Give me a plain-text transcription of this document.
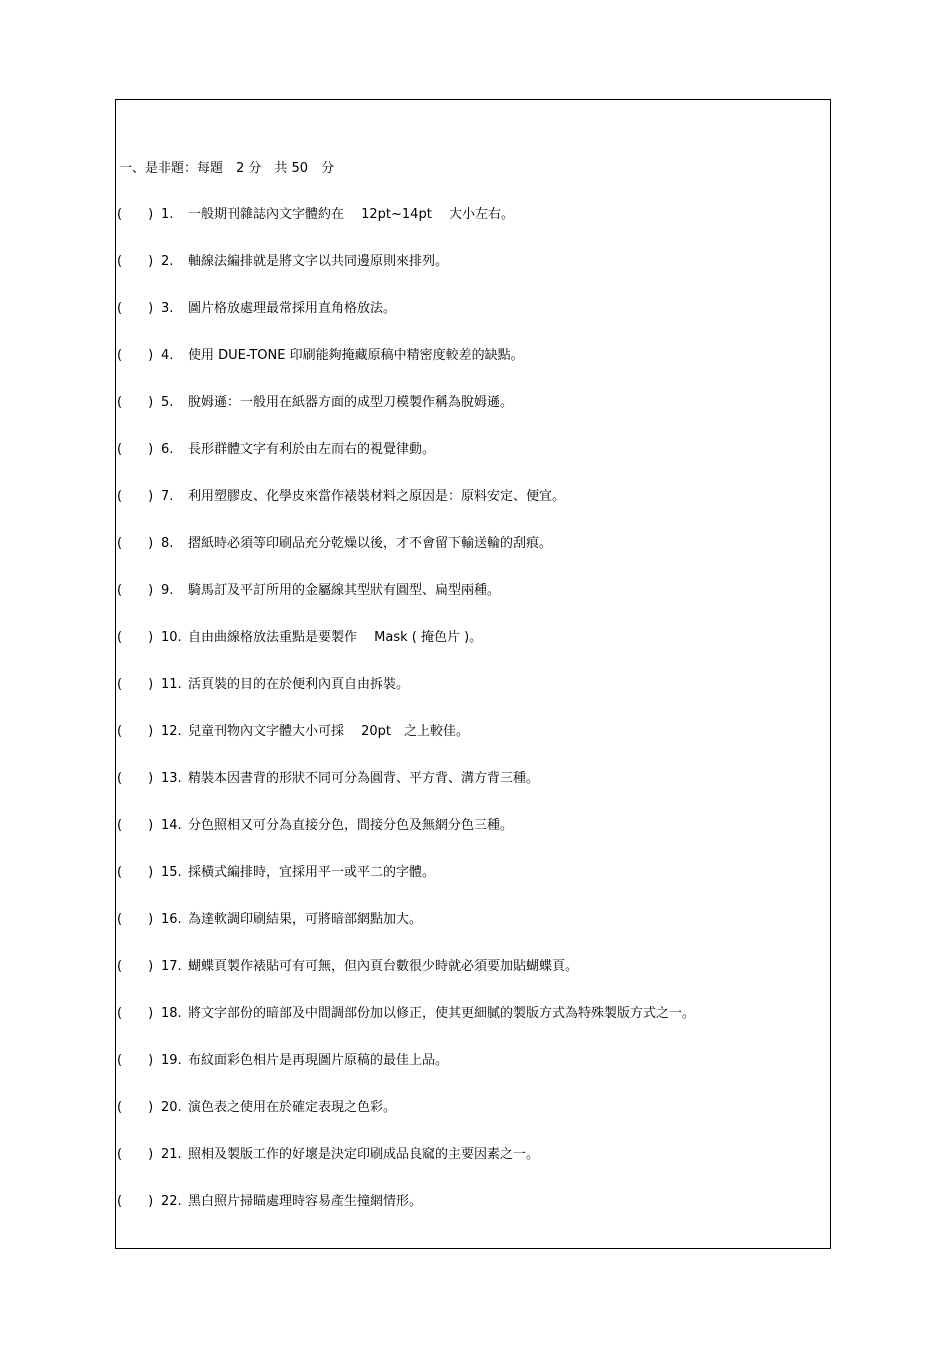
一、是非題：每題　2 分　共 50　分
(　　) 1. 一般期刊雜誌內文字體約在　 12pt~14pt　 大小左右。
(　　) 2. 軸線法編排就是將文字以共同邊原則來排列。
(　　) 3. 圖片格放處理最常採用直角格放法。
(　　) 4. 使用 DUE-TONE 印刷能夠掩藏原稿中精密度較差的缺點。
(　　) 5. 脫姆遜：一般用在紙器方面的成型刀模製作稱為脫姆遜。
(　　) 6. 長形群體文字有利於由左而右的視覺律動。
(　　) 7. 利用塑膠皮、化學皮來當作裱裝材料之原因是：原料安定、便宜。
(　　) 8. 摺紙時必須等印刷品充分乾燥以後，才不會留下輸送輪的刮痕。
(　　) 9. 騎馬訂及平訂所用的金屬線其型狀有圓型、扁型兩種。
(　　) 10. 自由曲線格放法重點是要製作　 Mask ( 掩色片 )。
(　　) 11. 活頁裝的目的在於便利內頁自由拆裝。
(　　) 12. 兒童刊物內文字體大小可採　 20pt　之上較佳。
(　　) 13. 精裝本因書背的形狀不同可分為圓背、平方背、溝方背三種。
(　　) 14. 分色照相又可分為直接分色，間接分色及無網分色三種。
(　　) 15. 採橫式編排時，宜採用平一或平二的字體。
(　　) 16. 為達軟調印刷結果，可將暗部網點加大。
(　　) 17. 蝴蝶頁製作裱貼可有可無，但內頁台數很少時就必須要加貼蝴蝶頁。
(　　) 18. 將文字部份的暗部及中間調部份加以修正，使其更細膩的製版方式為特殊製版方式之一。
(　　) 19. 布紋面彩色相片是再現圖片原稿的最佳上品。
(　　) 20. 演色表之使用在於確定表現之色彩。
(　　) 21. 照相及製版工作的好壞是決定印刷成品良窳的主要因素之一。
(　　) 22. 黑白照片掃瞄處理時容易產生撞網情形。
